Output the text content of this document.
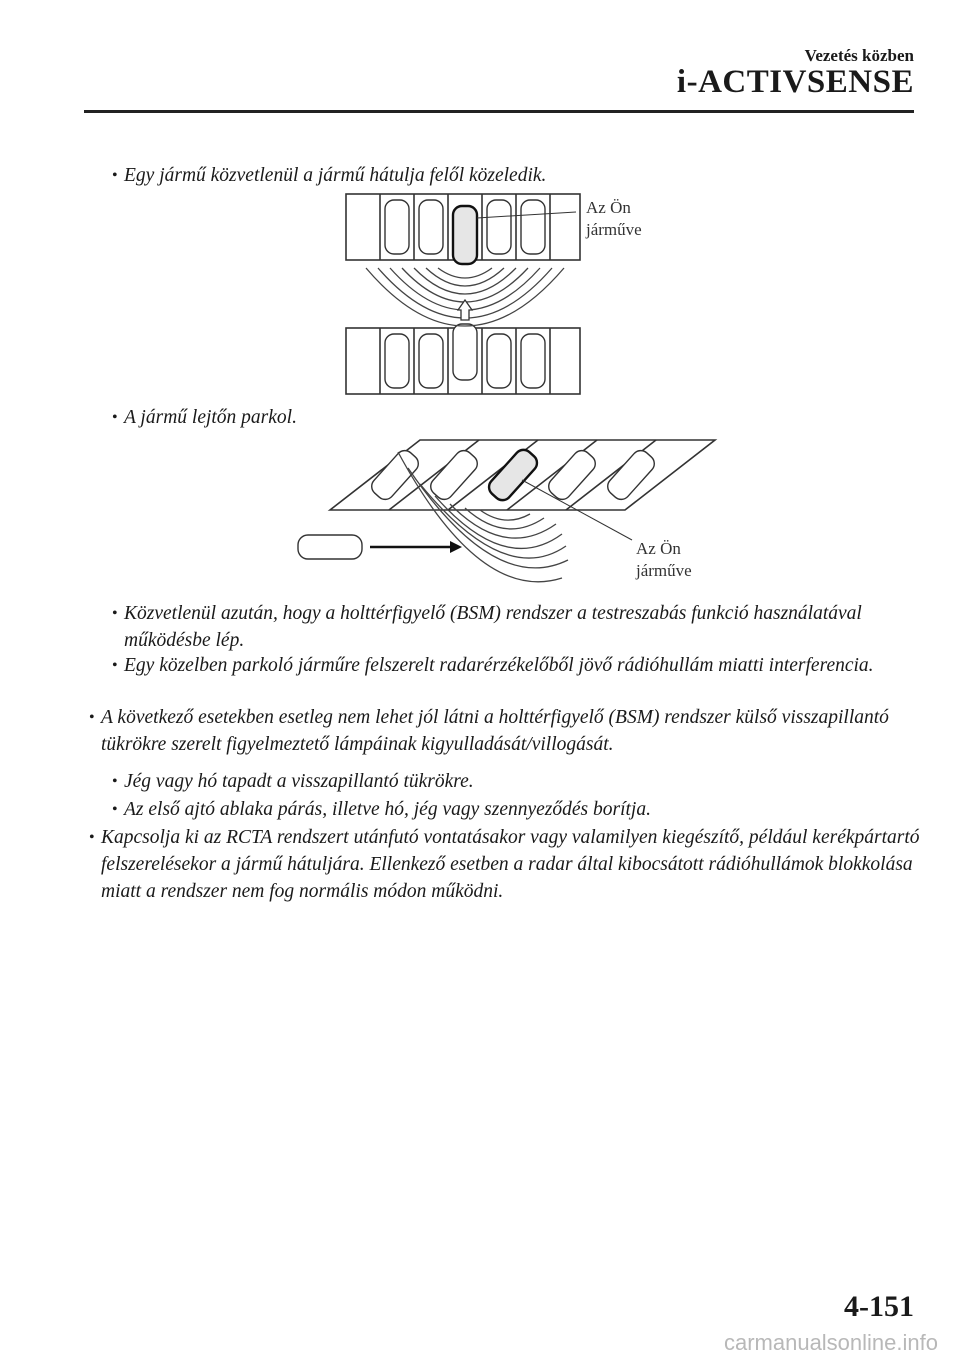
Vezetés közben
i-ACTIVSENSE
• Egy jármű közvetlenül a jármű hátulja felől közeledik.
Az Ön
járműve
• A jármű lejtőn parkol.
Az Ön
járműve
• Közvetlenül azután, hogy a holttérfigyelő (BSM) rendszer a testreszabás funkció használatával működésbe lép.
• Egy közelben parkoló járműre felszerelt radarérzékelőből jövő rádióhullám miatti interferencia.
• A következő esetekben esetleg nem lehet jól látni a holttérfigyelő (BSM) rendszer külső visszapillantó tükrökre szerelt figyelmeztető lámpáinak kigyulladását/villogását.
• Jég vagy hó tapadt a visszapillantó tükrökre.
• Az első ajtó ablaka párás, illetve hó, jég vagy szennyeződés borítja.
• Kapcsolja ki az RCTA rendszert utánfutó vontatásakor vagy valamilyen kiegészítő, például kerékpártartó felszerelésekor a jármű hátuljára. Ellenkező esetben a radar által kibocsátott rádióhullámok blokkolása miatt a rendszer nem fog normális módon működni.
4-151
carmanualsonline.info
